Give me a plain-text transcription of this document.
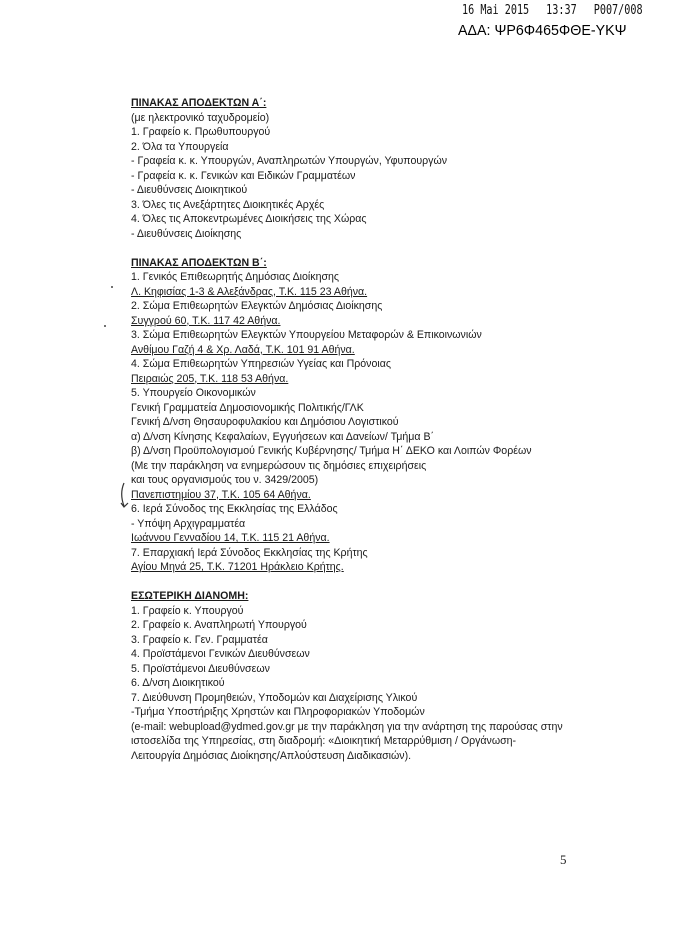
16 Mai 2015 13:37 P007/008
ΑΔΑ: ΨΡ6Φ465ΦΘΕ-ΥΚΨ
ΠΙΝΑΚΑΣ ΑΠΟΔΕΚΤΩΝ Α΄:
(με ηλεκτρονικό ταχυδρομείο)
1. Γραφείο κ. Πρωθυπουργού
2. Όλα τα Υπουργεία
- Γραφεία κ. κ. Υπουργών, Αναπληρωτών Υπουργών, Υφυπουργών
- Γραφεία κ. κ. Γενικών και Ειδικών Γραμματέων
- Διευθύνσεις Διοικητικού
3. Όλες τις Ανεξάρτητες Διοικητικές Αρχές
4. Όλες τις Αποκεντρωμένες Διοικήσεις της Χώρας
- Διευθύνσεις Διοίκησης
ΠΙΝΑΚΑΣ ΑΠΟΔΕΚΤΩΝ Β΄:
1. Γενικός Επιθεωρητής Δημόσιας Διοίκησης
Λ. Κηφισίας 1-3 & Αλεξάνδρας, Τ.Κ. 115 23 Αθήνα.
2. Σώμα Επιθεωρητών Ελεγκτών Δημόσιας Διοίκησης
Συγγρού 60, Τ.Κ. 117 42 Αθήνα.
3. Σώμα Επιθεωρητών Ελεγκτών Υπουργείου Μεταφορών & Επικοινωνιών
Ανθίμου Γαζή 4 & Χρ. Λαδά, Τ.Κ. 101 91 Αθήνα.
4. Σώμα Επιθεωρητών Υπηρεσιών Υγείας και Πρόνοιας
Πειραιώς 205, Τ.Κ. 118 53 Αθήνα.
5. Υπουργείο Οικονομικών
Γενική Γραμματεία Δημοσιονομικής Πολιτικής/ΓΛΚ
Γενική Δ/νση Θησαυροφυλακίου και Δημόσιου Λογιστικού
α) Δ/νση Κίνησης Κεφαλαίων, Εγγυήσεων και Δανείων/ Τμήμα Β΄
β) Δ/νση Προϋπολογισμού Γενικής Κυβέρνησης/ Τμήμα Η΄ ΔΕΚΟ και Λοιπών Φορέων
(Με την παράκληση να ενημερώσουν τις δημόσιες επιχειρήσεις
και τους οργανισμούς του ν. 3429/2005)
Πανεπιστημίου 37, Τ.Κ. 105 64 Αθήνα.
6. Ιερά Σύνοδος της Εκκλησίας της Ελλάδος
- Υπόψη Αρχιγραμματέα
Ιωάννου Γενναδίου 14, Τ.Κ. 115 21 Αθήνα.
7. Επαρχιακή Ιερά Σύνοδος Εκκλησίας της Κρήτης
Αγίου Μηνά 25, Τ.Κ. 71201 Ηράκλειο Κρήτης.
ΕΣΩΤΕΡΙΚΗ ΔΙΑΝΟΜΗ:
1. Γραφείο κ. Υπουργού
2. Γραφείο κ. Αναπληρωτή Υπουργού
3. Γραφείο κ. Γεν. Γραμματέα
4. Προϊστάμενοι Γενικών Διευθύνσεων
5. Προϊστάμενοι Διευθύνσεων
6. Δ/νση Διοικητικού
7. Διεύθυνση Προμηθειών, Υποδομών και Διαχείρισης Υλικού
-Τμήμα Υποστήριξης Χρηστών και Πληροφοριακών Υποδομών
(e-mail: webupload@ydmed.gov.gr με την παράκληση για την ανάρτηση της παρούσας στην
ιστοσελίδα της Υπηρεσίας, στη διαδρομή: «Διοικητική Μεταρρύθμιση / Οργάνωση-
Λειτουργία Δημόσιας Διοίκησης/Απλούστευση Διαδικασιών).
5
